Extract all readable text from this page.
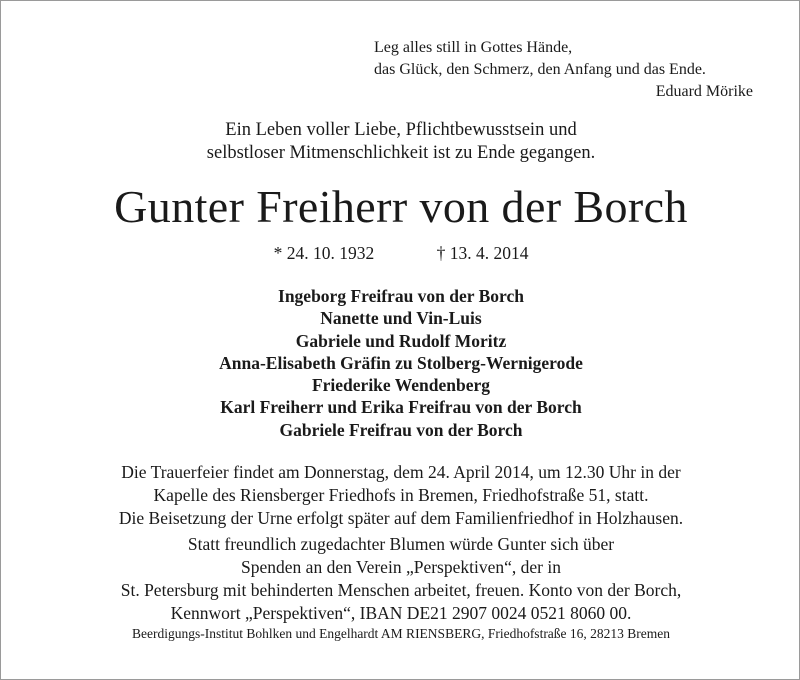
Leg alles still in Gottes Hände,
das Glück, den Schmerz, den Anfang und das Ende.
Eduard Mörike
Ein Leben voller Liebe, Pflichtbewusstsein und
selbstloser Mitmenschlichkeit ist zu Ende gegangen.
Gunter Freiherr von der Borch
* 24. 10. 1932	† 13. 4. 2014
Ingeborg Freifrau von der Borch
Nanette und Vin-Luis
Gabriele und Rudolf Moritz
Anna-Elisabeth Gräfin zu Stolberg-Wernigerode
Friederike Wendenberg
Karl Freiherr und Erika Freifrau von der Borch
Gabriele Freifrau von der Borch
Die Trauerfeier findet am Donnerstag, dem 24. April 2014, um 12.30 Uhr in der
Kapelle des Riensberger Friedhofs in Bremen, Friedhofstraße 51, statt.
Die Beisetzung der Urne erfolgt später auf dem Familienfriedhof in Holzhausen.
Statt freundlich zugedachter Blumen würde Gunter sich über
Spenden an den Verein „Perspektiven“, der in
St. Petersburg mit behinderten Menschen arbeitet, freuen. Konto von der Borch,
Kennwort „Perspektiven“, IBAN DE21 2907 0024 0521 8060 00.
Beerdigungs-Institut Bohlken und Engelhardt AM RIENSBERG, Friedhofstraße 16, 28213 Bremen
